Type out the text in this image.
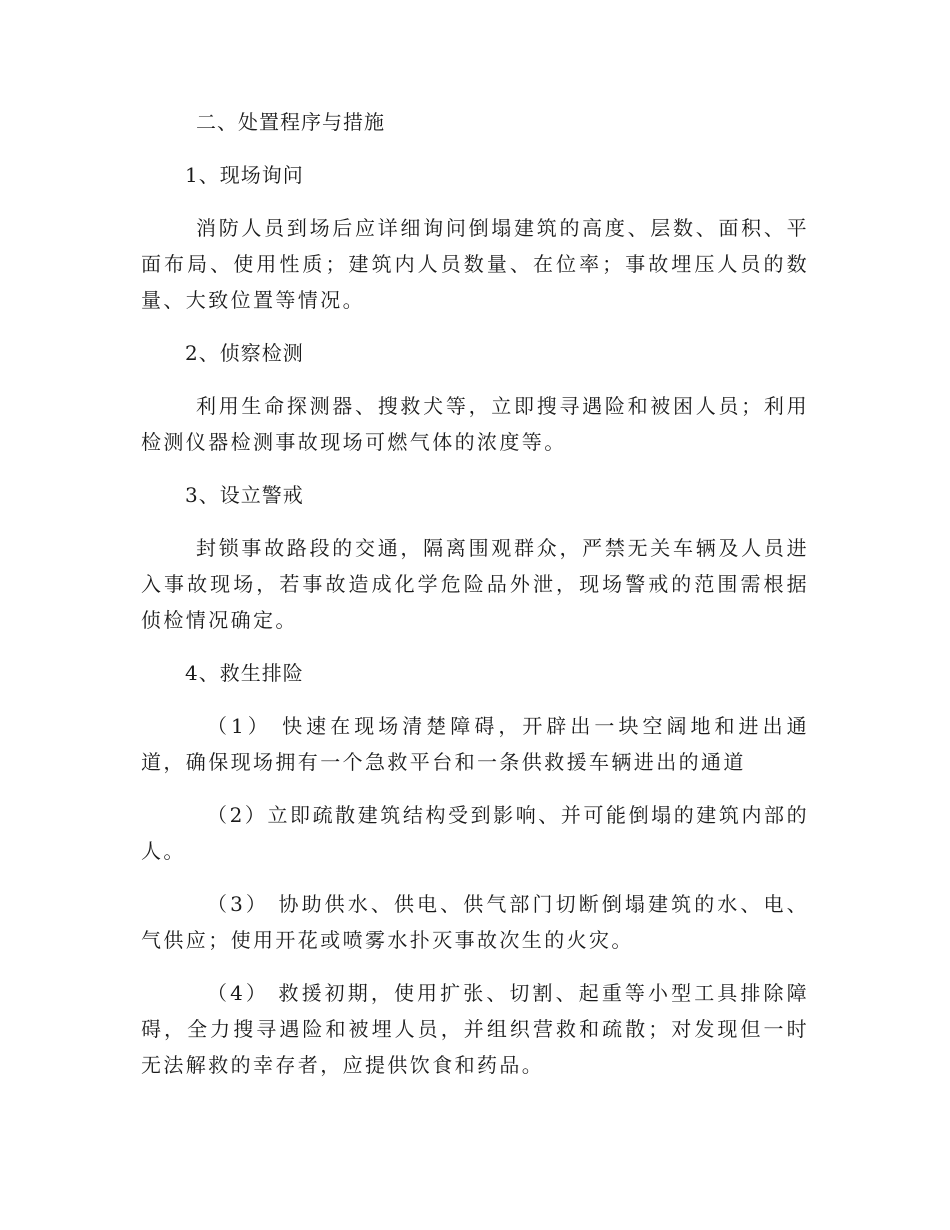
二、处置程序与措施
1、现场询问
消防人员到场后应详细询问倒塌建筑的高度、层数、面积、平面布局、使用性质；建筑内人员数量、在位率；事故埋压人员的数量、大致位置等情况。
2、侦察检测
利用生命探测器、搜救犬等，立即搜寻遇险和被困人员；利用检测仪器检测事故现场可燃气体的浓度等。
3、设立警戒
封锁事故路段的交通，隔离围观群众，严禁无关车辆及人员进入事故现场，若事故造成化学危险品外泄，现场警戒的范围需根据侦检情况确定。
4、救生排险
（1） 快速在现场清楚障碍，开辟出一块空阔地和进出通道，确保现场拥有一个急救平台和一条供救援车辆进出的通道
（2）立即疏散建筑结构受到影响、并可能倒塌的建筑内部的人。
（3） 协助供水、供电、供气部门切断倒塌建筑的水、电、气供应；使用开花或喷雾水扑灭事故次生的火灾。
（4） 救援初期，使用扩张、切割、起重等小型工具排除障碍，全力搜寻遇险和被埋人员，并组织营救和疏散；对发现但一时无法解救的幸存者，应提供饮食和药品。
